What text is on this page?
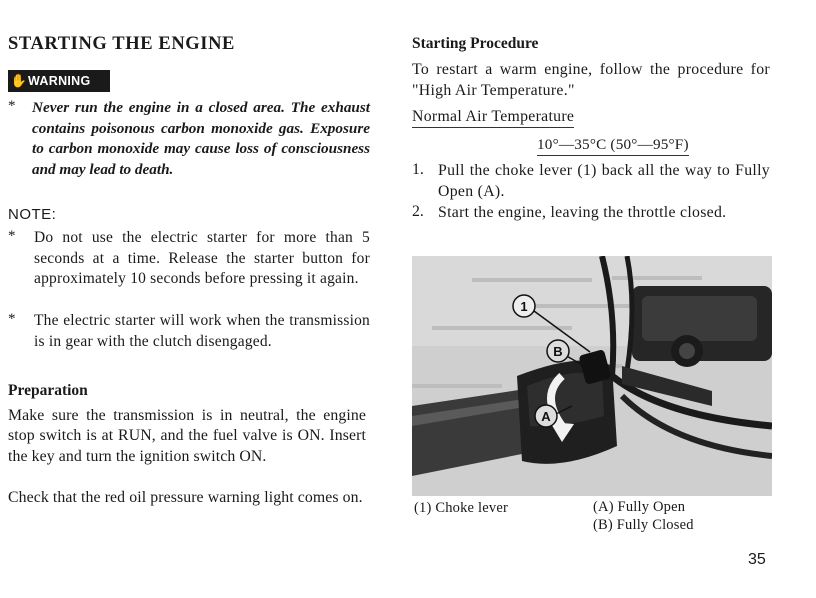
STARTING THE ENGINE
✋ WARNING
*	Never run the engine in a closed area. The exhaust contains poisonous carbon monoxide gas. Exposure to carbon monoxide may cause loss of consciousness and may lead to death.
NOTE:
*	Do not use the electric starter for more than 5 seconds at a time. Release the starter button for approximately 10 seconds before pressing it again.
*	The electric starter will work when the transmission is in gear with the clutch disengaged.
Preparation
Make sure the transmission is in neutral, the engine stop switch is at RUN, and the fuel valve is ON. Insert the key and turn the ignition switch ON.
Check that the red oil pressure warning light comes on.
Starting Procedure
To restart a warm engine, follow the procedure for "High Air Temperature."
Normal Air Temperature
10°—35°C (50°—95°F)
1. Pull the choke lever (1) back all the way to Fully Open (A).
2. Start the engine, leaving the throttle closed.
1
B
A
(1) Choke lever	(A) Fully Open
(B) Fully Closed
35
